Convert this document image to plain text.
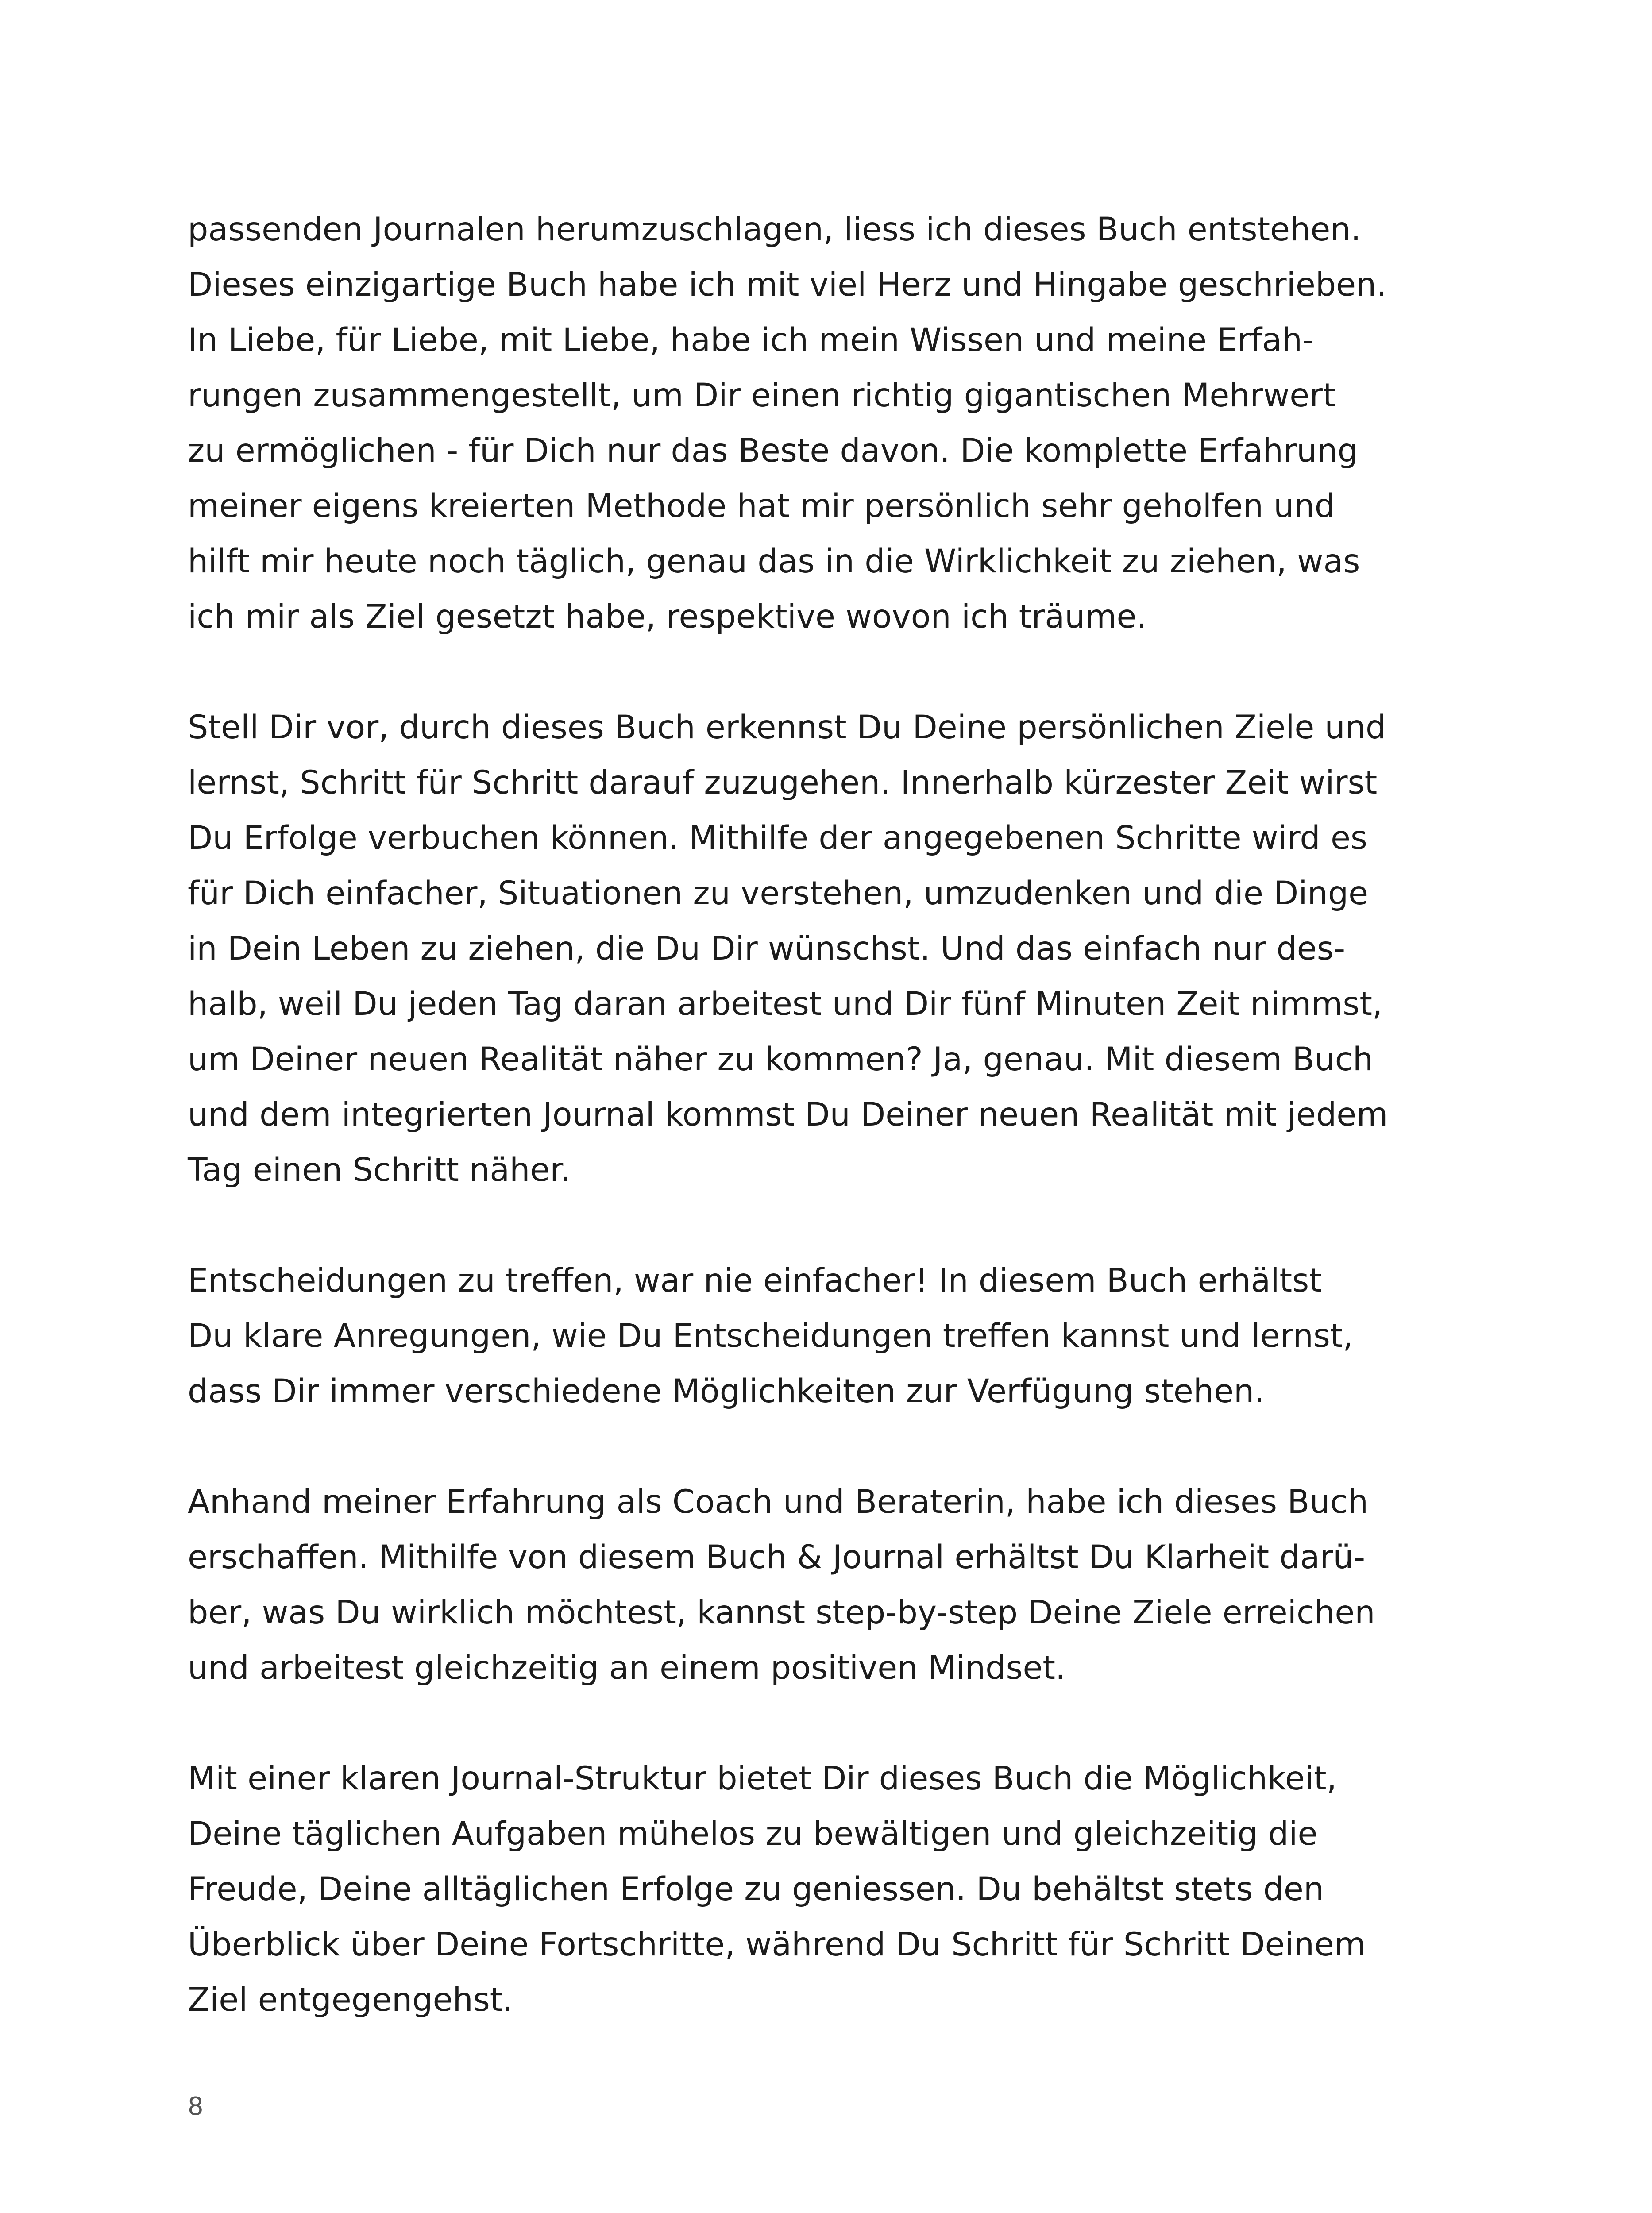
passenden Journalen herumzuschlagen, liess ich dieses Buch entstehen.
Dieses einzigartige Buch habe ich mit viel Herz und Hingabe geschrieben.
In Liebe, für Liebe, mit Liebe, habe ich mein Wissen und meine Erfah-
rungen zusammengestellt, um Dir einen richtig gigantischen Mehrwert
zu ermöglichen - für Dich nur das Beste davon. Die komplette Erfahrung
meiner eigens kreierten Methode hat mir persönlich sehr geholfen und
hilft mir heute noch täglich, genau das in die Wirklichkeit zu ziehen, was
ich mir als Ziel gesetzt habe, respektive wovon ich träume.

Stell Dir vor, durch dieses Buch erkennst Du Deine persönlichen Ziele und
lernst, Schritt für Schritt darauf zuzugehen. Innerhalb kürzester Zeit wirst
Du Erfolge verbuchen können. Mithilfe der angegebenen Schritte wird es
für Dich einfacher, Situationen zu verstehen, umzudenken und die Dinge
in Dein Leben zu ziehen, die Du Dir wünschst. Und das einfach nur des-
halb, weil Du jeden Tag daran arbeitest und Dir fünf Minuten Zeit nimmst,
um Deiner neuen Realität näher zu kommen? Ja, genau. Mit diesem Buch
und dem integrierten Journal kommst Du Deiner neuen Realität mit jedem
Tag einen Schritt näher.

Entscheidungen zu treffen, war nie einfacher! In diesem Buch erhältst
Du klare Anregungen, wie Du Entscheidungen treffen kannst und lernst,
dass Dir immer verschiedene Möglichkeiten zur Verfügung stehen.

Anhand meiner Erfahrung als Coach und Beraterin, habe ich dieses Buch
erschaffen. Mithilfe von diesem Buch & Journal erhältst Du Klarheit darü-
ber, was Du wirklich möchtest, kannst step-by-step Deine Ziele erreichen
und arbeitest gleichzeitig an einem positiven Mindset.

Mit einer klaren Journal-Struktur bietet Dir dieses Buch die Möglichkeit,
Deine täglichen Aufgaben mühelos zu bewältigen und gleichzeitig die
Freude, Deine alltäglichen Erfolge zu geniessen. Du behältst stets den
Überblick über Deine Fortschritte, während Du Schritt für Schritt Deinem
Ziel entgegengehst.

8
